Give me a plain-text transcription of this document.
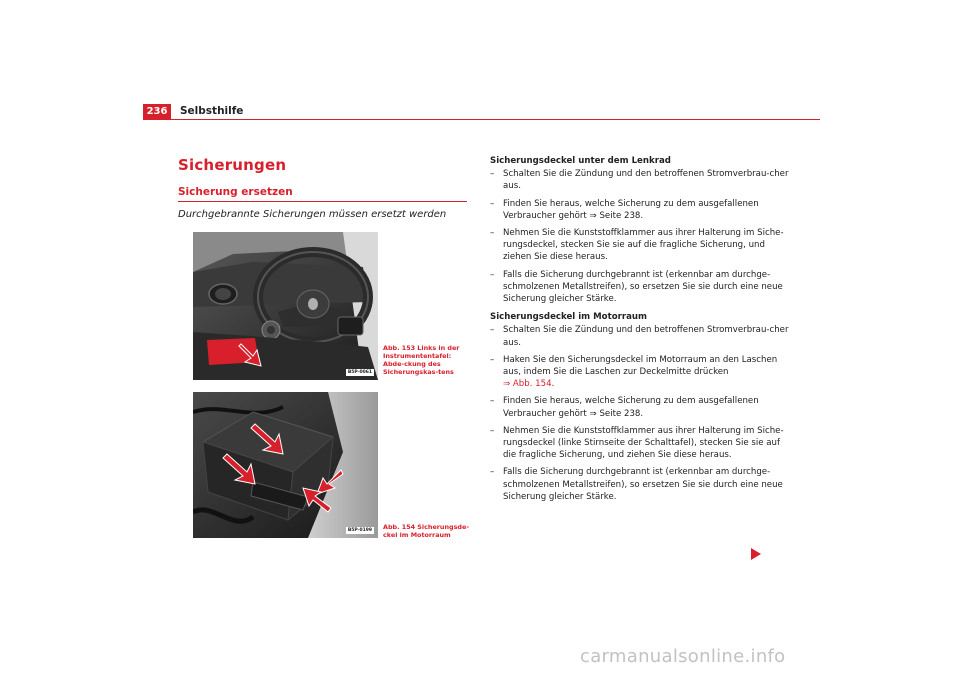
236	Selbsthilfe
Sicherungen
Sicherung ersetzen
Durchgebrannte Sicherungen müssen ersetzt werden
B5P-0061
Abb. 153 Links in der Instrumententafel: Abde-ckung des Sicherungskas-tens
B5P-0199	Abb. 154 Sicherungsde-ckel im Motorraum
Sicherungsdeckel unter dem Lenkrad
– Schalten Sie die Zündung und den betroffenen Stromverbrau-cher aus.
– Finden Sie heraus, welche Sicherung zu dem ausgefallenen Verbraucher gehört ⇒ Seite 238.
– Nehmen Sie die Kunststoffklammer aus ihrer Halterung im Siche-rungsdeckel, stecken Sie sie auf die fragliche Sicherung, und ziehen Sie diese heraus.
– Falls die Sicherung durchgebrannt ist (erkennbar am durchge-schmolzenen Metallstreifen), so ersetzen Sie sie durch eine neue Sicherung gleicher Stärke.
Sicherungsdeckel im Motorraum
– Schalten Sie die Zündung und den betroffenen Stromverbrau-cher aus.
– Haken Sie den Sicherungsdeckel im Motorraum an den Laschen aus, indem Sie die Laschen zur Deckelmitte drücken
⇒ Abb. 154.
– Finden Sie heraus, welche Sicherung zu dem ausgefallenen Verbraucher gehört ⇒ Seite 238.
– Nehmen Sie die Kunststoffklammer aus ihrer Halterung im Siche-rungsdeckel (linke Stirnseite der Schalttafel), stecken Sie sie auf die fragliche Sicherung, und ziehen Sie diese heraus.
– Falls die Sicherung durchgebrannt ist (erkennbar am durchge-schmolzenen Metallstreifen), so ersetzen Sie sie durch eine neue Sicherung gleicher Stärke.
carmanualsonline.info
